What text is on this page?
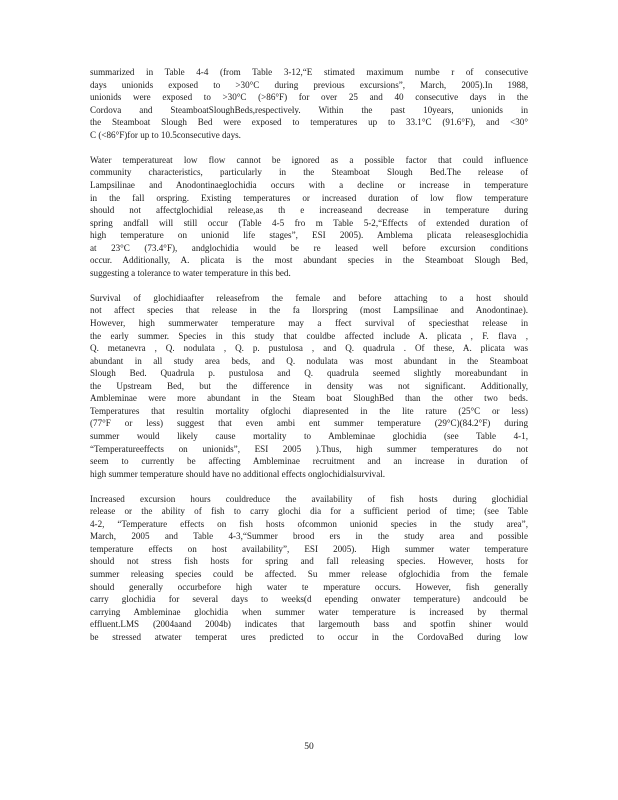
summarized in Table 4-4 (from Table 3-12,“E stimated maximum numbe r of consecutive
days unionids exposed to >30°C during previous excursions”, March, 2005).In 1988,
unionids were exposed to >30°C (>86°F) for over 25 and 40 consecutive days in the
Cordova and SteamboatSloughBeds,respectively. Within the past 10years, unionids in
the Steamboat Slough Bed were exposed to temperatures up to 33.1°C (91.6°F), and <30°
C (<86°F)for up to 10.5consecutive days.
Water temperatureat low flow cannot be ignored as a possible factor that could influence
community characteristics, particularly in the Steamboat Slough Bed.The release of
Lampsilinae and Anodontinaeglochidia occurs with a decline or increase in temperature
in the fall orspring. Existing temperatures or increased duration of low flow temperature
should not affectglochidial release,as th e increaseand decrease in temperature during
spring andfall will still occur (Table 4-5 fro m Table 5-2,“Effects of extended duration of
high temperature on unionid life stages”, ESI 2005). Amblema plicata releasesglochidia
at 23°C (73.4°F), andglochidia would be re leased well before excursion conditions
occur. Additionally, A. plicata is the most abundant species in the Steamboat Slough Bed,
suggesting a tolerance to water temperature in this bed.
Survival of glochidiaafter releasefrom the female and before attaching to a host should
not affect species that release in the fa llorspring (most Lampsilinae and Anodontinae).
However, high summerwater temperature may a ffect survival of speciesthat release in
the early summer. Species in this study that couldbe affected include A. plicata , F. flava ,
Q. metanevra , Q. nodulata , Q. p. pustulosa , and Q. quadrula . Of these, A. plicata was
abundant in all study area beds, and Q. nodulata was most abundant in the Steamboat
Slough Bed. Quadrula p. pustulosa and Q. quadrula seemed slightly moreabundant in
the Upstream Bed, but the difference in density was not significant. Additionally,
Ambleminae were more abundant in the Steam boat SloughBed than the other two beds.
Temperatures that resultin mortality ofglochi diapresented in the lite rature (25°C or less)
(77°F or less) suggest that even ambi ent summer temperature (29°C)(84.2°F) during
summer would likely cause mortality to Ambleminae glochidia (see Table 4-1,
“Temperatureeffects on unionids”, ESI 2005 ).Thus, high summer temperatures do not
seem to currently be affecting Ambleminae recruitment and an increase in duration of
high summer temperature should have no additional effects onglochidialsurvival.
Increased excursion hours couldreduce the availability of fish hosts during glochidial
release or the ability of fish to carry glochi dia for a sufficient period of time; (see Table
4-2, “Temperature effects on fish hosts ofcommon unionid species in the study area”,
March, 2005 and Table 4-3,“Summer brood ers in the study area and possible
temperature effects on host availability”, ESI 2005). High summer water temperature
should not stress fish hosts for spring and fall releasing species. However, hosts for
summer releasing species could be affected. Su mmer release ofglochidia from the female
should generally occurbefore high water te mperature occurs. However, fish generally
carry glochidia for several days to weeks(d epending onwater temperature) andcould be
carrying Ambleminae glochidia when summer water temperature is increased by thermal
effluent.LMS (2004aand 2004b) indicates that largemouth bass and spotfin shiner would
be stressed atwater temperat ures predicted to occur in the CordovaBed during low
50
